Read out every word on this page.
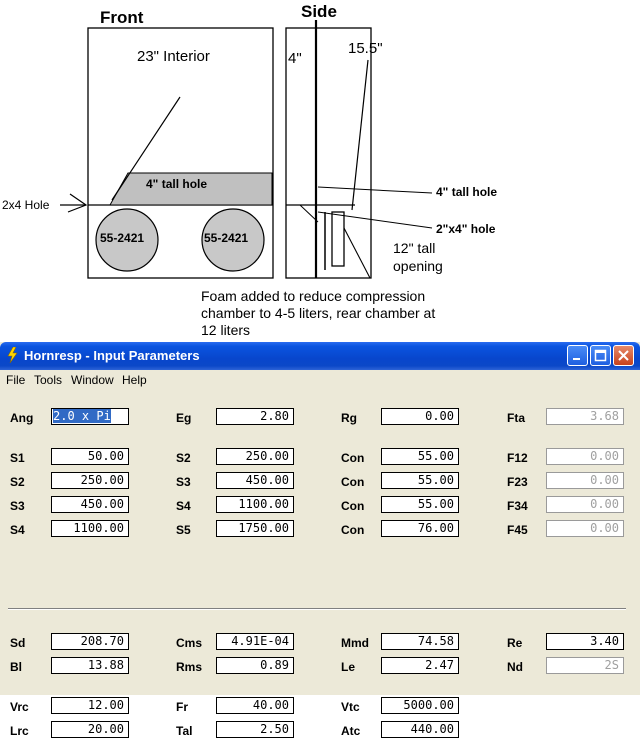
Front	Side
23" Interior	4"
15.5"
4" tall hole
2x4 Hole
55-2421	55-2421
4" tall hole
2"x4" hole
12" tall
opening
Foam added to reduce compression
chamber to 4-5 liters, rear chamber at
12 liters
Hornresp - Input Parameters
File Tools Window Help
Ang 2.0 x Pi	Eg	2.80	Rg	0.00	Fta	3.68
S1	50.00	S2	250.00	Con	55.00	F12	0.00
S2	250.00	S3	450.00	Con	55.00	F23	0.00
S3	450.00	S4	1100.00	Con	55.00	F34	0.00
S4	1100.00	S5	1750.00	Con	76.00	F45	0.00
Sd	208.70	Cms	4.91E-04	Mmd	74.58	Re	3.40
Bl	13.88	Rms	0.89	Le	2.47	Nd	2S
Vrc	12.00	Fr	40.00	Vtc	5000.00
Lrc	20.00	Tal	2.50	Atc	440.00
